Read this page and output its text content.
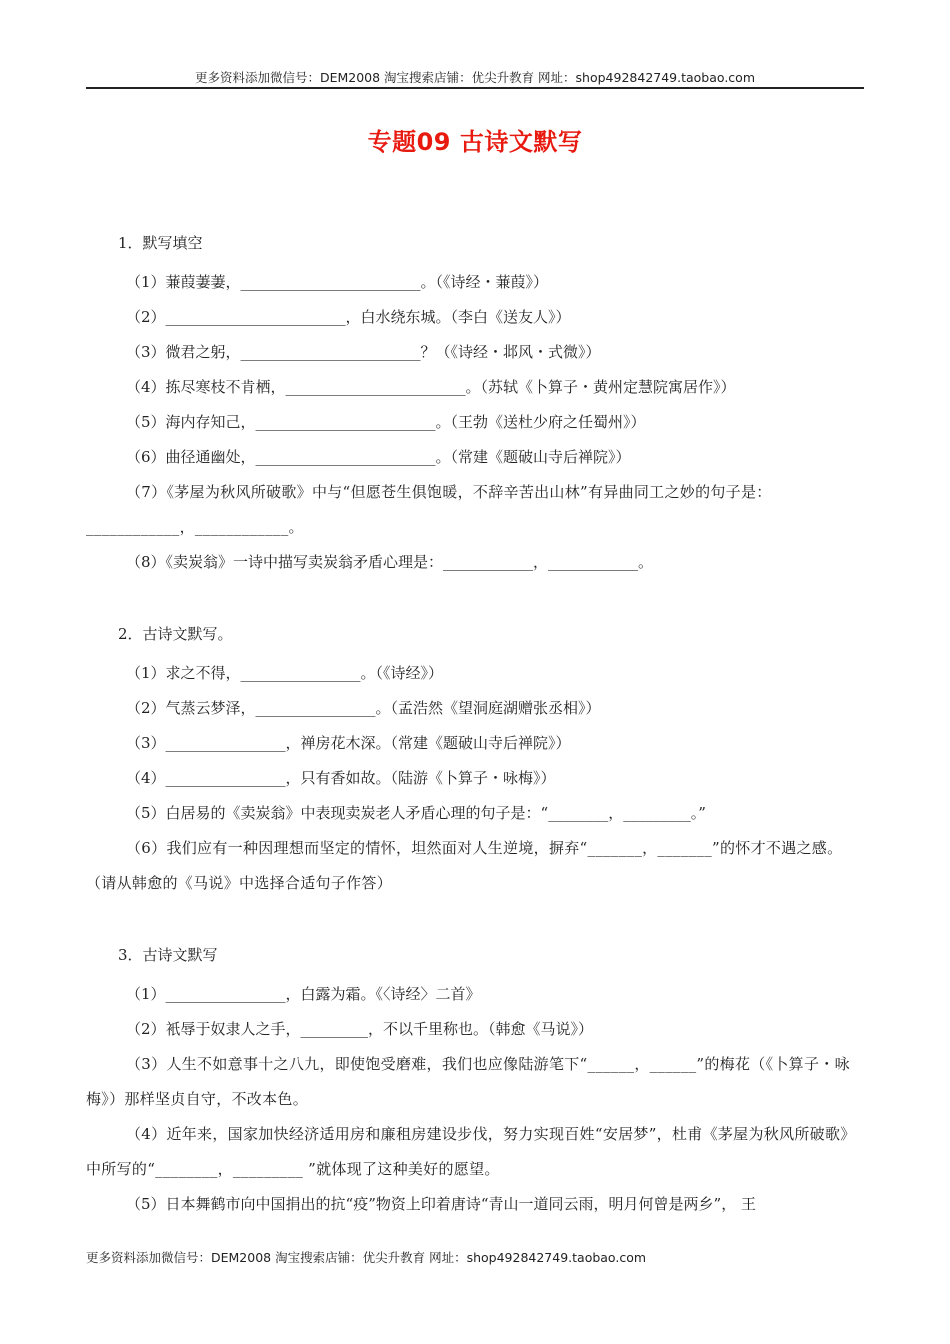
更多资料添加微信号：DEM2008 淘宝搜索店铺：优尖升教育 网址：shop492842749.taobao.com
专题09 古诗文默写

1．默写填空

（1）蒹葭萋萋，________________________。（《诗经・蒹葭》）

（2）________________________，白水绕东城。（李白《送友人》）

（3）微君之躬，________________________？（《诗经・邶风・式微》）

（4）拣尽寒枝不肯栖，________________________。（苏轼《卜算子・黄州定慧院寓居作》）

（5）海内存知己，________________________。（王勃《送杜少府之任蜀州》）

（6）曲径通幽处，________________________。（常建《题破山寺后禅院》）

（7）《茅屋为秋风所破歌》中与“但愿苍生俱饱暖，不辞辛苦出山林”有异曲同工之妙的句子是：____________，____________。

（8）《卖炭翁》一诗中描写卖炭翁矛盾心理是：____________，____________。

2．古诗文默写。

（1）求之不得，________________。（《诗经》）

（2）气蒸云梦泽，________________。（孟浩然《望洞庭湖赠张丞相》）

（3）________________，禅房花木深。（常建《题破山寺后禅院》）

（4）________________，只有香如故。（陆游《卜算子・咏梅》）

（5）白居易的《卖炭翁》中表现卖炭老人矛盾心理的句子是：“________，_________。”

（6）我们应有一种因理想而坚定的情怀，坦然面对人生逆境，摒弃“_______，_______”的怀才不遇之感。（请从韩愈的《马说》中选择合适句子作答）

3．古诗文默写

（1）________________，白露为霜。《〈诗经〉二首》

（2）衹辱于奴隶人之手，_________，不以千里称也。（韩愈《马说》）

（3）人生不如意事十之八九，即使饱受磨难，我们也应像陆游笔下“______，______”的梅花（《卜算子・咏梅》）那样坚贞自守，不改本色。

（4）近年来，国家加快经济适用房和廉租房建设步伐，努力实现百姓“安居梦”，杜甫《茅屋为秋风所破歌》中所写的“________，_________ ”就体现了这种美好的愿望。

（5）日本舞鹤市向中国捐出的抗“疫”物资上印着唐诗“青山一道同云雨，明月何曾是两乡”， 王

更多资料添加微信号：DEM2008 淘宝搜索店铺：优尖升教育 网址：shop492842749.taobao.com
